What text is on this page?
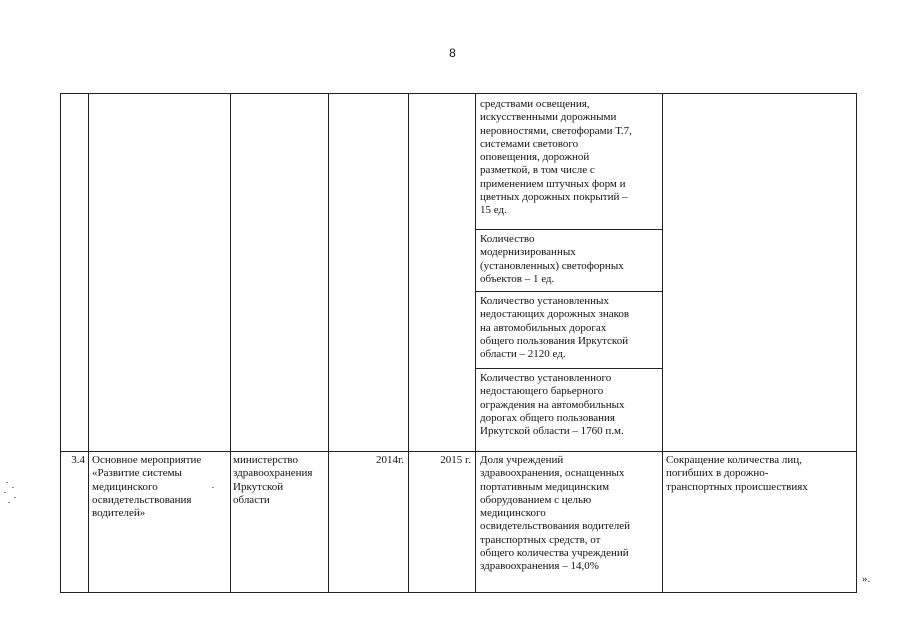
8
средствами освещения,
искусственными дорожными
неровностями, светофорами Т.7,
системами светового
оповещения, дорожной
разметкой, в том числе с
применением штучных форм и
цветных дорожных покрытий –
15 ед.
Количество
модернизированных
(установленных) светофорных
объектов – 1 ед.
Количество установленных
недостающих дорожных знаков
на автомобильных дорогах
общего пользования Иркутской
области – 2120 ед.
Количество установленного
недостающего барьерного
ограждения на автомобильных
дорогах общего пользования
Иркутской области – 1760 п.м.
3.4 Основное мероприятие
«Развитие системы
медицинского
освидетельствования
водителей»
министерство
здравоохранения
Иркутской
области
2014г.	2015 г. Доля учреждений
здравоохранения, оснащенных
портативным медицинским
оборудованием с целью
медицинского
освидетельствования водителей
транспортных средств, от
общего количества учреждений
здравоохранения – 14,0%
Сокращение количества лиц,
погибших в дорожно-
транспортных происшествиях
».
